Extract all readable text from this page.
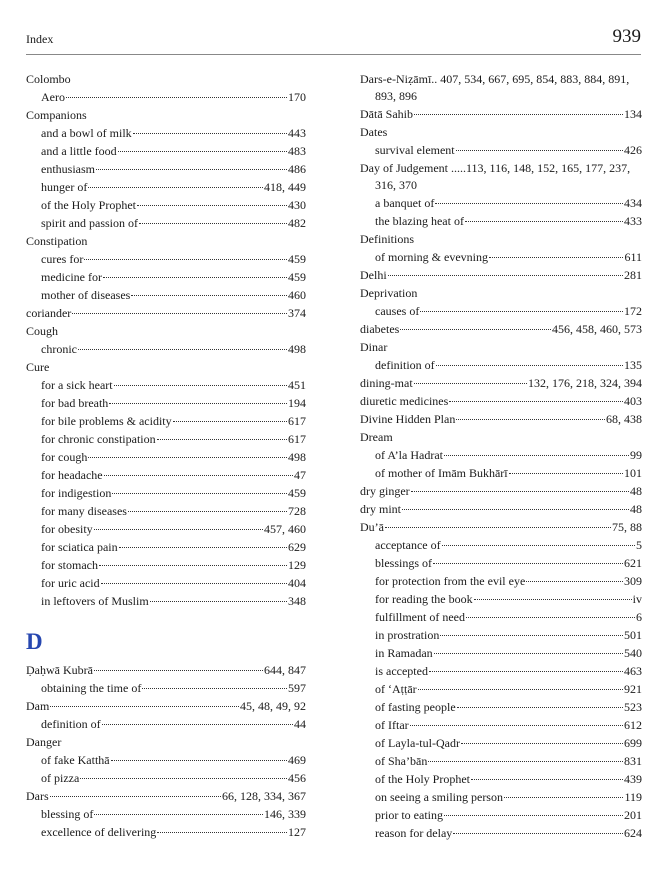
Index	939
Colombo
Aero	170
Companions
and a bowl of milk	443
and a little food	483
enthusiasm	486
hunger of	418, 449
of the Holy Prophet	430
spirit and passion of	482
Constipation
cures for	459
medicine for	459
mother of diseases	460
coriander	374
Cough
chronic	498
Cure
for a sick heart	451
for bad breath	194
for bile problems & acidity	617
for chronic constipation	617
for cough	498
for headache	47
for indigestion	459
for many diseases	728
for obesity	457, 460
for sciatica pain	629
for stomach	129
for uric acid	404
in leftovers of Muslim	348
D
Ḍaḥwā Kubrā	644, 847
obtaining the time of	597
Dam	45, 48, 49, 92
definition of	44
Danger
of fake Katthā	469
of pizza	456
Dars	66, 128, 334, 367
blessing of	146, 339
excellence of delivering	127
Dars-e-Niẓāmī.. 407, 534, 667, 695, 854, 883, 884, 891, 893, 896
Dātā Sahib	134
Dates
survival element	426
Day of Judgement .....113, 116, 148, 152, 165, 177, 237, 316, 370
a banquet of	434
the blazing heat of	433
Definitions
of morning & evevning	611
Delhi	281
Deprivation
causes of	172
diabetes	456, 458, 460, 573
Dinar
definition of	135
dining-mat	132, 176, 218, 324, 394
diuretic medicines	403
Divine Hidden Plan	68, 438
Dream
of A’la Hadrat	99
of mother of Imām Bukhārī	101
dry ginger	48
dry mint	48
Du’ā	75, 88
acceptance of	5
blessings of	621
for protection from the evil eye	309
for reading the book	iv
fulfillment of need	6
in prostration	501
in Ramadan	540
is accepted	463
of ‘Aṭṭār	921
of fasting people	523
of Iftar	612
of Layla-tul-Qadr	699
of Sha’bān	831
of the Holy Prophet	439
on seeing a smiling person	119
prior to eating	201
reason for delay	624
